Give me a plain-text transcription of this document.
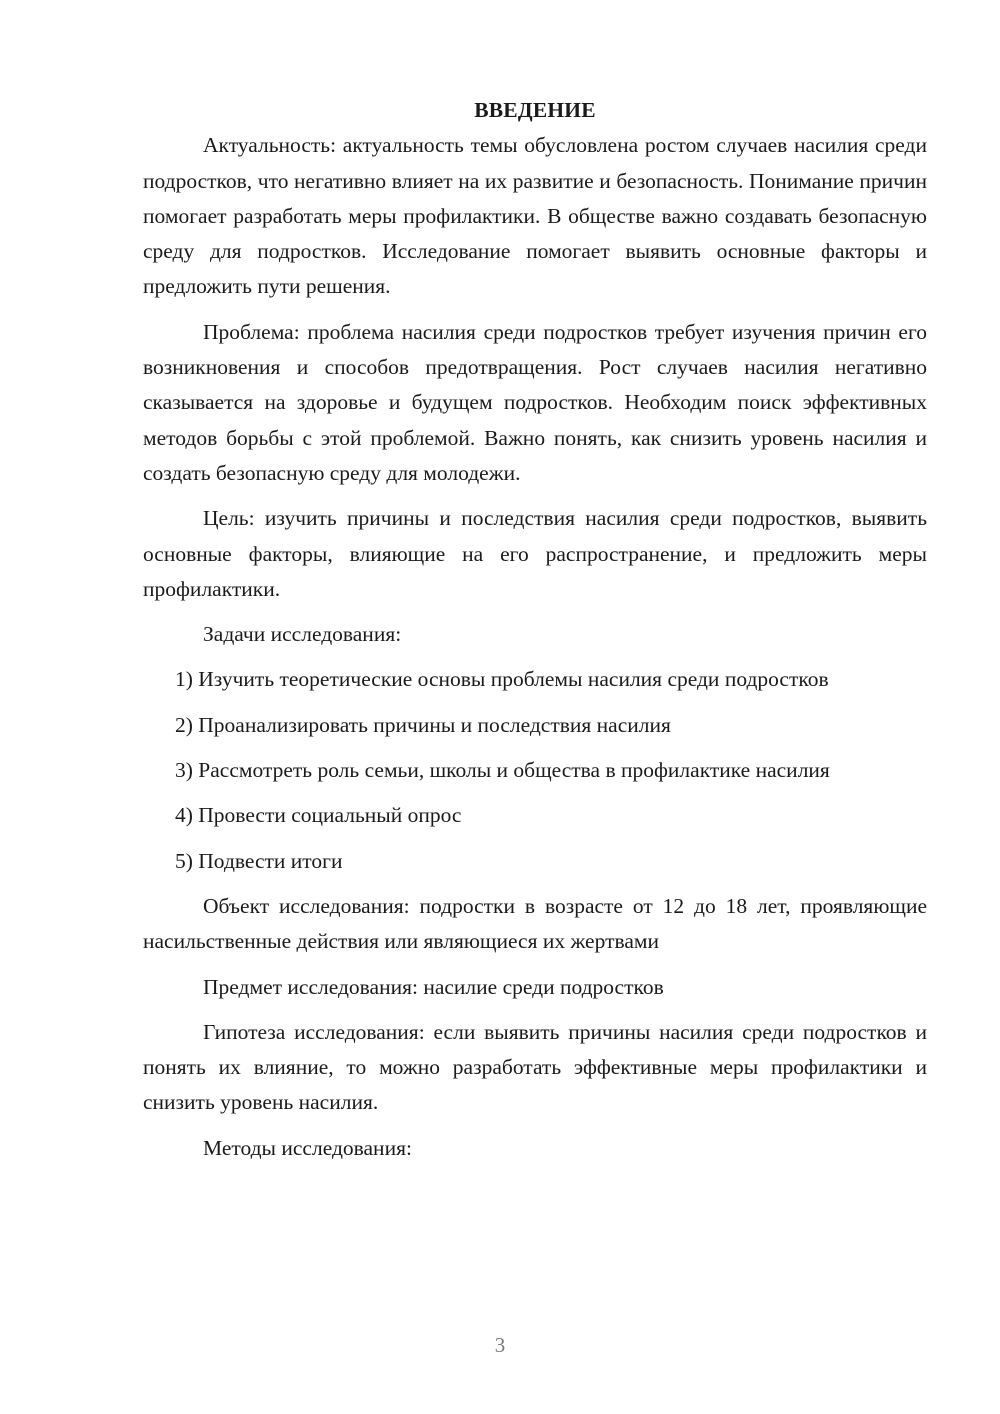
ВВЕДЕНИЕ

Актуальность: актуальность темы обусловлена ростом случаев насилия среди подростков, что негативно влияет на их развитие и безопасность. Понимание причин помогает разработать меры профилактики. В обществе важно создавать безопасную среду для подростков. Исследование помогает выявить основные факторы и предложить пути решения.

Проблема: проблема насилия среди подростков требует изучения причин его возникновения и способов предотвращения. Рост случаев насилия негативно сказывается на здоровье и будущем подростков. Необходим поиск эффективных методов борьбы с этой проблемой. Важно понять, как снизить уровень насилия и создать безопасную среду для молодежи.

Цель: изучить причины и последствия насилия среди подростков, выявить основные факторы, влияющие на его распространение, и предложить меры профилактики.

Задачи исследования:

1) Изучить теоретические основы проблемы насилия среди подростков

2) Проанализировать причины и последствия насилия

3) Рассмотреть роль семьи, школы и общества в профилактике насилия

4) Провести социальный опрос

5) Подвести итоги

Объект исследования: подростки в возрасте от 12 до 18 лет, проявляющие насильственные действия или являющиеся их жертвами

Предмет исследования: насилие среди подростков

Гипотеза исследования: если выявить причины насилия среди подростков и понять их влияние, то можно разработать эффективные меры профилактики и снизить уровень насилия.

Методы исследования:

3
